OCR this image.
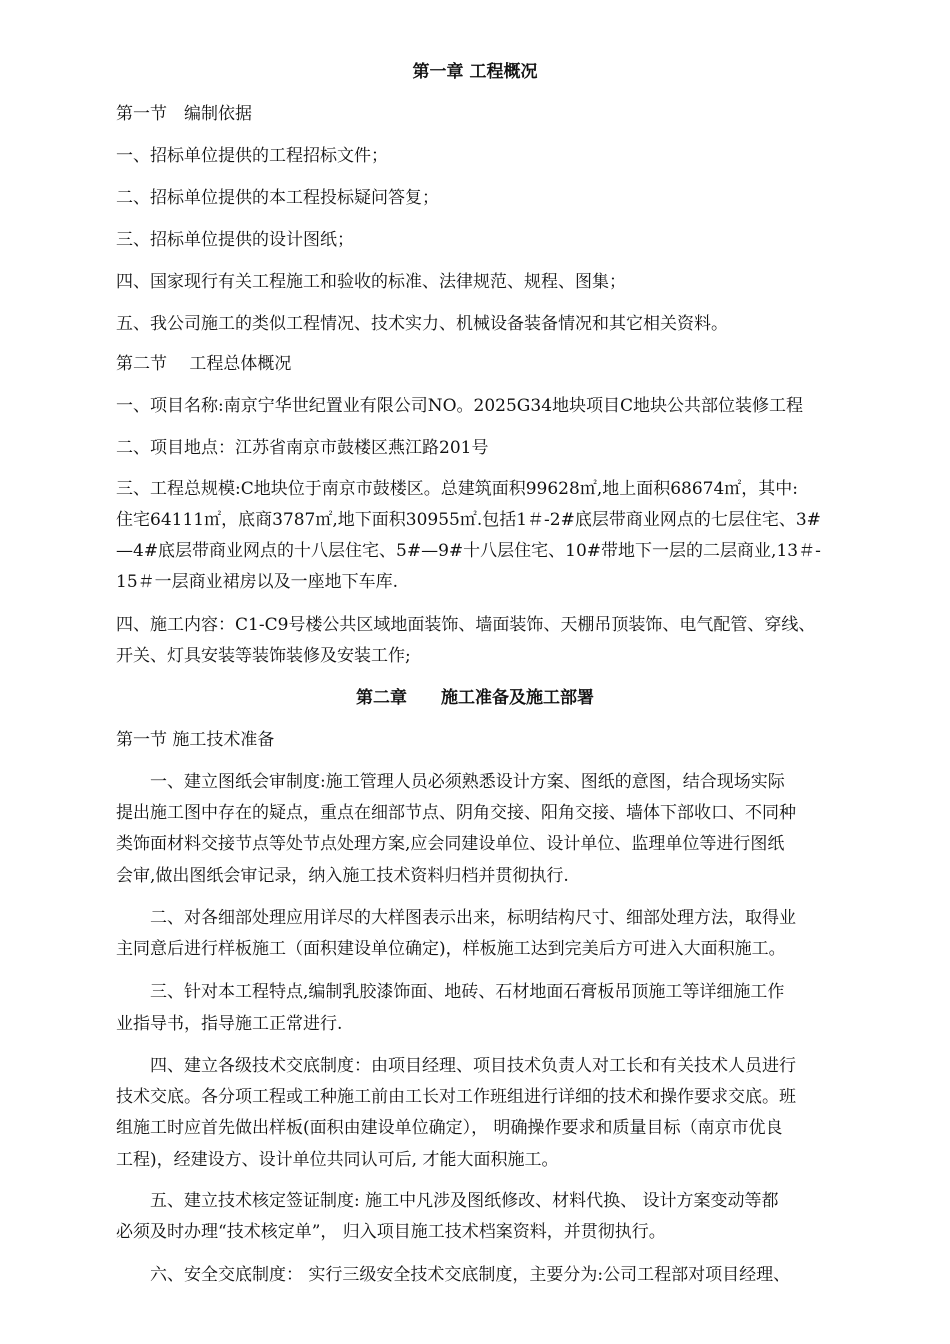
第一章 工程概况
第一节　编制依据
一、招标单位提供的工程招标文件；
二、招标单位提供的本工程投标疑问答复；
三、招标单位提供的设计图纸；
四、国家现行有关工程施工和验收的标准、法律规范、规程、图集；
五、我公司施工的类似工程情况、技术实力、机械设备装备情况和其它相关资料。
第二节　 工程总体概况
一、项目名称:南京宁华世纪置业有限公司NO。2025G34地块项目C地块公共部位装修工程
二、项目地点：江苏省南京市鼓楼区燕江路201号
三、工程总规模:C地块位于南京市鼓楼区。总建筑面积99628㎡,地上面积68674㎡，其中:
住宅64111㎡，底商3787㎡,地下面积30955㎡.包括1＃-2#底层带商业网点的七层住宅、3#
—4#底层带商业网点的十八层住宅、5#—9#十八层住宅、10#带地下一层的二层商业,13＃-
15＃一层商业裙房以及一座地下车库.
四、施工内容：C1-C9号楼公共区域地面装饰、墙面装饰、天棚吊顶装饰、电气配管、穿线、
开关、灯具安装等装饰装修及安装工作;
第二章　　施工准备及施工部署
第一节 施工技术准备
一、建立图纸会审制度:施工管理人员必须熟悉设计方案、图纸的意图，结合现场实际
提出施工图中存在的疑点，重点在细部节点、阴角交接、阳角交接、墙体下部收口、不同种
类饰面材料交接节点等处节点处理方案,应会同建设单位、设计单位、监理单位等进行图纸
会审,做出图纸会审记录，纳入施工技术资料归档并贯彻执行.
二、对各细部处理应用详尽的大样图表示出来，标明结构尺寸、细部处理方法，取得业
主同意后进行样板施工（面积建设单位确定)，样板施工达到完美后方可进入大面积施工。
三、针对本工程特点,编制乳胶漆饰面、地砖、石材地面石膏板吊顶施工等详细施工作
业指导书，指导施工正常进行.
四、建立各级技术交底制度：由项目经理、项目技术负责人对工长和有关技术人员进行
技术交底。各分项工程或工种施工前由工长对工作班组进行详细的技术和操作要求交底。班
组施工时应首先做出样板(面积由建设单位确定）， 明确操作要求和质量目标（南京市优良
工程)，经建设方、设计单位共同认可后, 才能大面积施工。
五、建立技术核定签证制度: 施工中凡涉及图纸修改、材料代换、 设计方案变动等都
必须及时办理“技术核定单”， 归入项目施工技术档案资料，并贯彻执行。
六、安全交底制度： 实行三级安全技术交底制度，主要分为:公司工程部对项目经理、
